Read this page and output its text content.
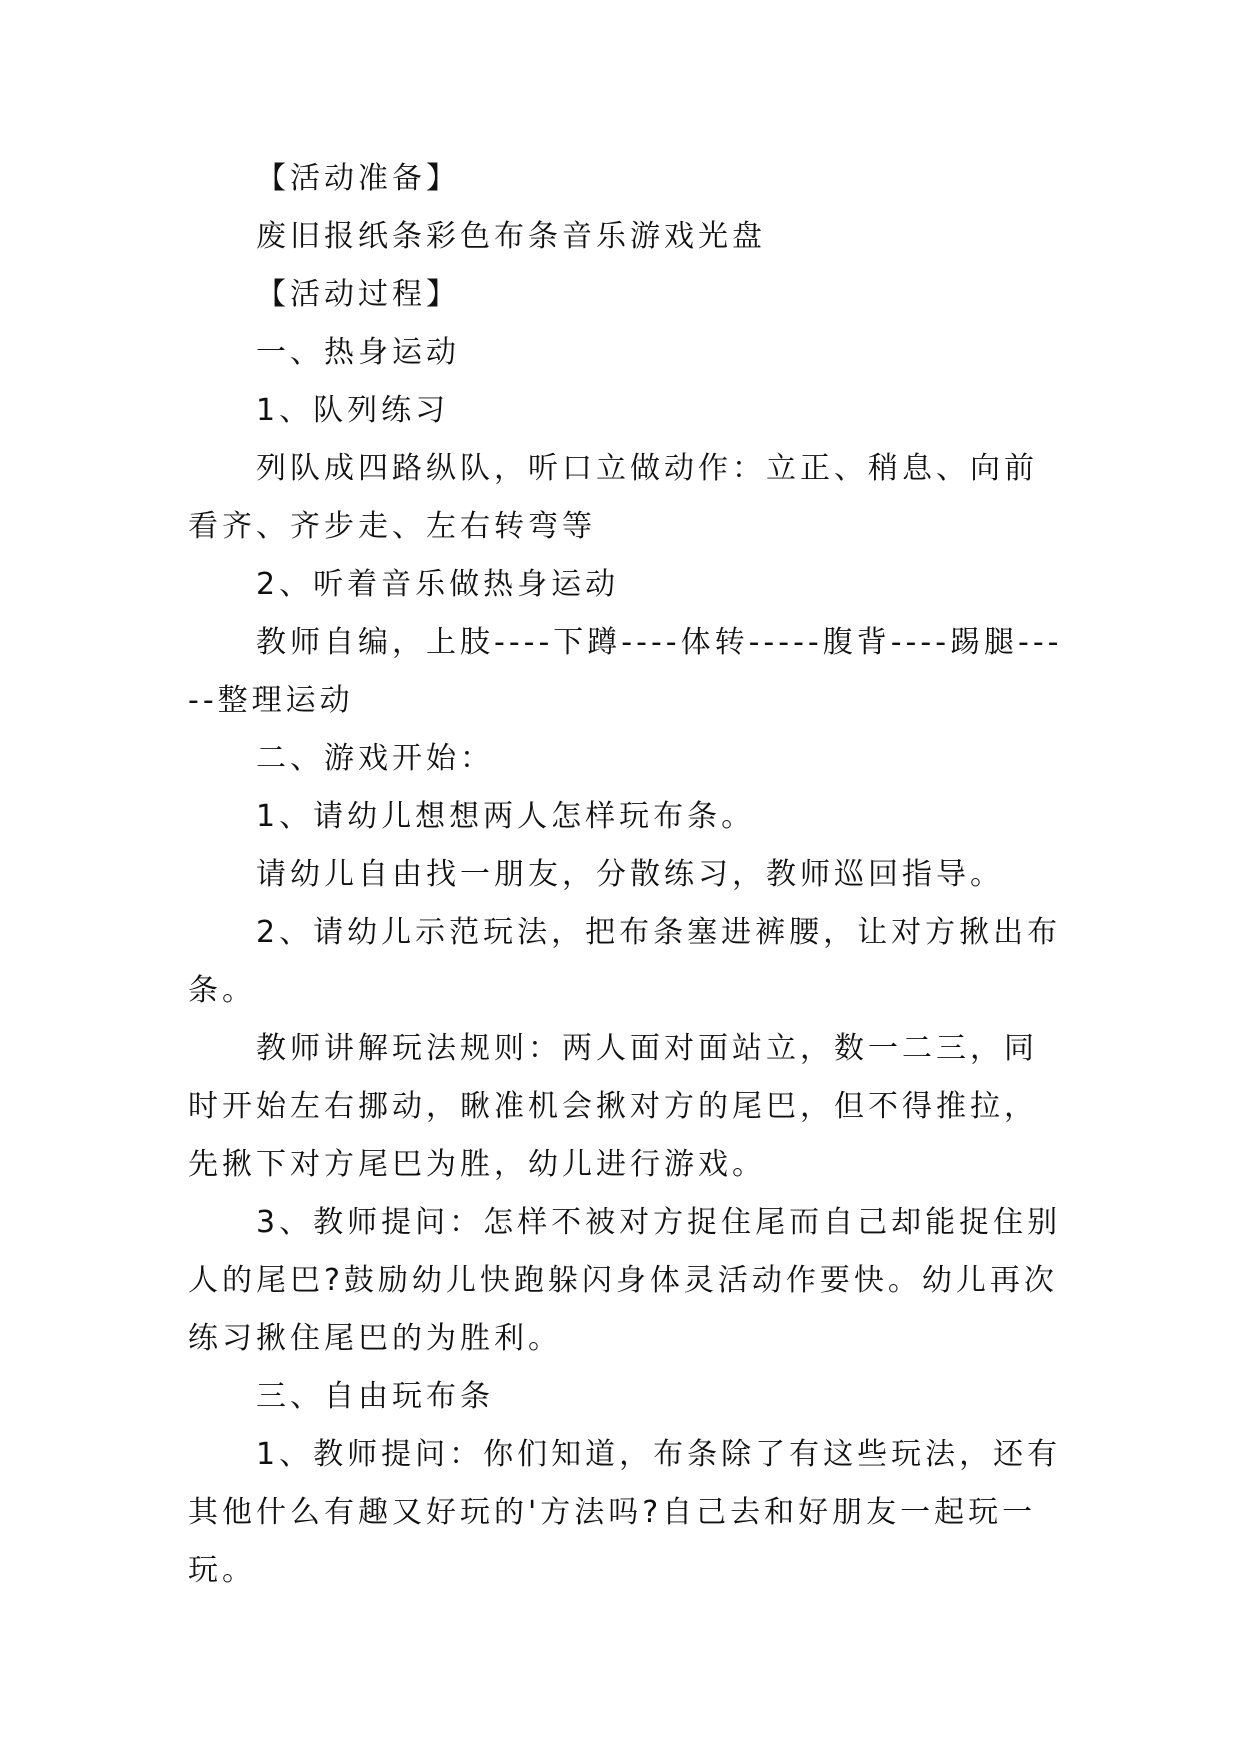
【活动准备】

废旧报纸条彩色布条音乐游戏光盘

【活动过程】

一、热身运动

1、队列练习

列队成四路纵队，听口立做动作：立正、稍息、向前看齐、齐步走、左右转弯等

2、听着音乐做热身运动

教师自编，上肢----下蹲----体转-----腹背----踢腿-----整理运动

二、游戏开始：

1、请幼儿想想两人怎样玩布条。

请幼儿自由找一朋友，分散练习，教师巡回指导。

2、请幼儿示范玩法，把布条塞进裤腰，让对方揪出布条。

教师讲解玩法规则：两人面对面站立，数一二三，同时开始左右挪动，瞅准机会揪对方的尾巴，但不得推拉，先揪下对方尾巴为胜，幼儿进行游戏。

3、教师提问：怎样不被对方捉住尾而自己却能捉住别人的尾巴?鼓励幼儿快跑躲闪身体灵活动作要快。幼儿再次练习揪住尾巴的为胜利。

三、自由玩布条

1、教师提问：你们知道，布条除了有这些玩法，还有其他什么有趣又好玩的'方法吗?自己去和好朋友一起玩一玩。
